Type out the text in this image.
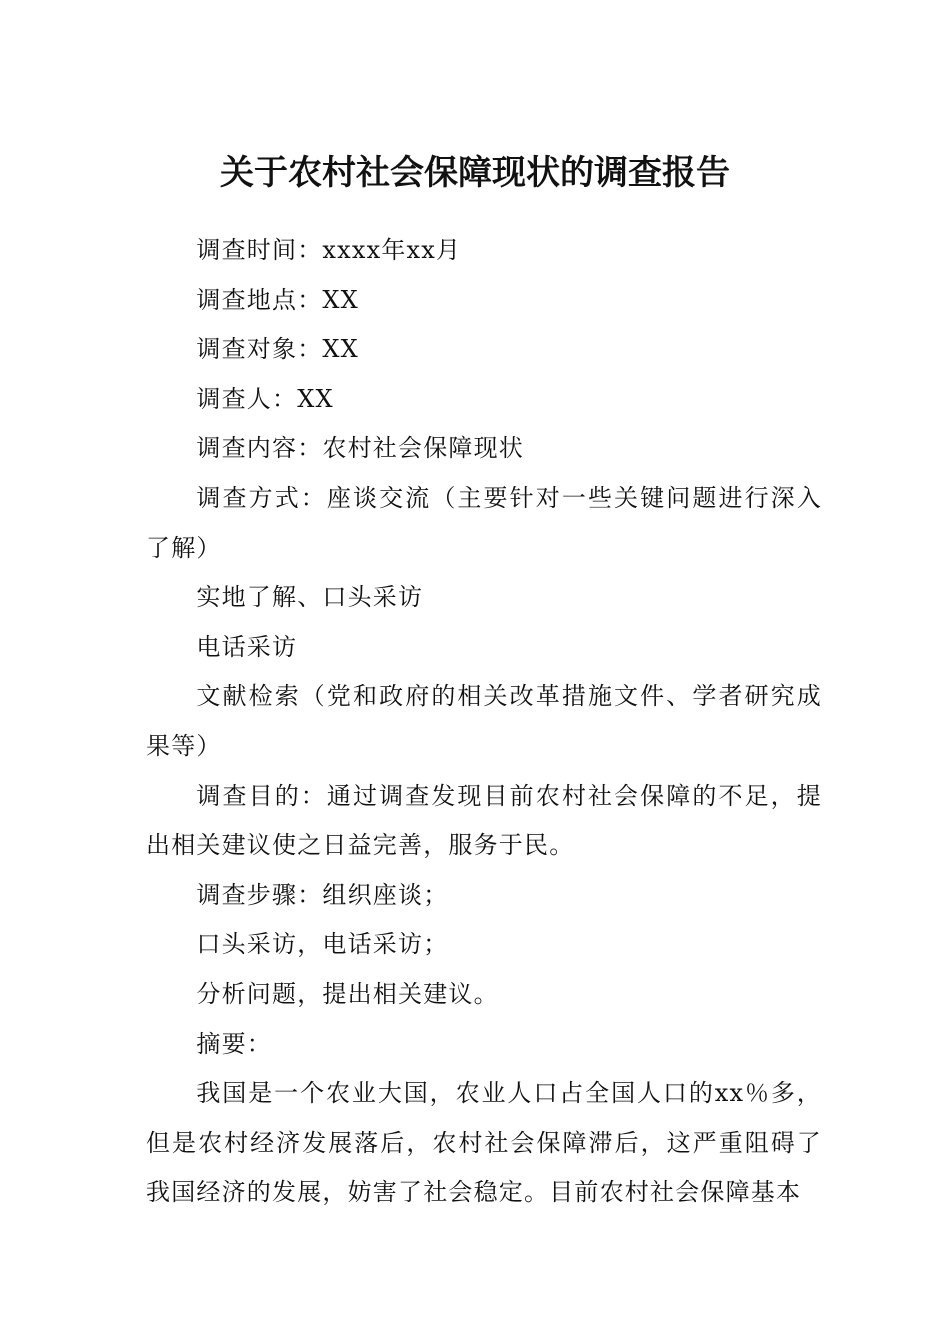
关于农村社会保障现状的调查报告

调查时间：xxxx年xx月

调查地点：XX

调查对象：XX

调查人：XX

调查内容：农村社会保障现状

调查方式：座谈交流（主要针对一些关键问题进行深入了解）

实地了解、口头采访

电话采访

文献检索（党和政府的相关改革措施文件、学者研究成果等）

调查目的：通过调查发现目前农村社会保障的不足，提出相关建议使之日益完善，服务于民。

调查步骤：组织座谈；

口头采访，电话采访；

分析问题，提出相关建议。

摘要：

我国是一个农业大国，农业人口占全国人口的xx％多，但是农村经济发展落后，农村社会保障滞后，这严重阻碍了我国经济的发展，妨害了社会稳定。目前农村社会保障基本
